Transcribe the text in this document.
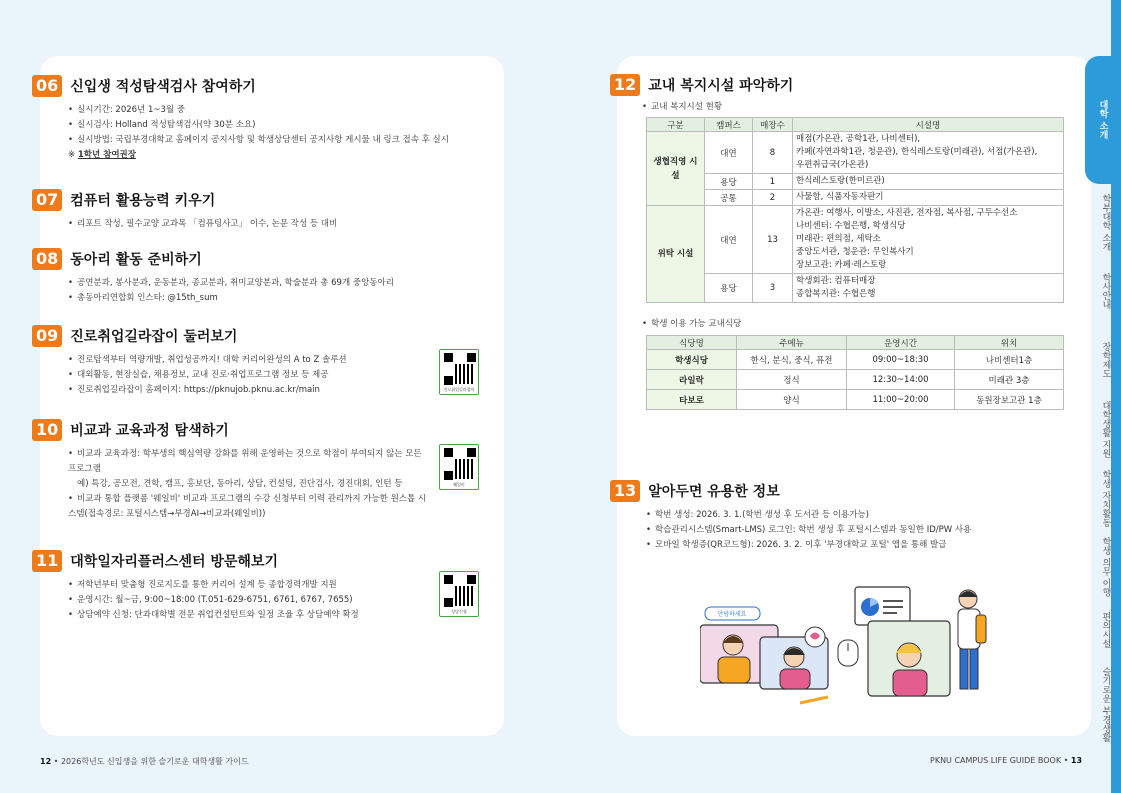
06 신입생 적성탐색검사 참여하기
• 실시기간: 2026년 1~3월 중
• 실시검사: Holland 적성탐색검사(약 30분 소요)
• 실시방법: 국립부경대학교 홈페이지 공지사항 및 학생상담센터 공지사항 게시물 내 링크 접속 후 실시
※ 1학년 참여권장
07 컴퓨터 활용능력 키우기
• 리포트 작성, 필수교양 교과목 「컴퓨팅사고」 이수, 논문 작성 등 대비
08 동아리 활동 준비하기
• 공연분과, 봉사분과, 운동분과, 종교분과, 취미교양분과, 학술분과 총 69개 중앙동아리
• 총동아리연합회 인스타: @15th_sum
09 진로취업길라잡이 둘러보기
• 진로탐색부터 역량개발, 취업성공까지! 대학 커리어완성의 A to Z 솔루션
• 대외활동, 현장실습, 채용정보, 교내 진로·취업프로그램 정보 등 제공
• 진로취업길라잡이 홈페이지: https://pknujob.pknu.ac.kr/main	진로취업길라잡이
10 비교과 교육과정 탐색하기
• 비교과 교육과정: 학부생의 핵심역량 강화를 위해 운영하는 것으로 학점이 부여되지 않는 모든 프로그램
예) 특강, 공모전, 견학, 캠프, 홍보단, 동아리, 상담, 컨설팅, 진단검사, 경진대회, 인턴 등
• 비교과 통합 플랫폼 '웨일비' 비교과 프로그램의 수강 신청부터 이력 관리까지 가능한 원스톱 시스템(접속경로: 포털시스템→부경AI→비교과(웨일비))
웨일비
11 대학일자리플러스센터 방문해보기
• 저학년부터 맞춤형 진로지도를 통한 커리어 설계 등 종합경력개발 지원
• 운영시간: 월~금, 9:00~18:00 (T.051-629-6751, 6761, 6767, 7655)
• 상담예약 신청: 단과대학별 전문 취업컨설턴트와 일정 조율 후 상담예약 확정	상담신청
12 교내 복지시설 파악하기
• 교내 복지시설 현황
구분	캠퍼스	매장수	시설명
생협직영 시설	대연	8	매점(가온관, 공학1관, 나비센터),
카페(자연과학1관, 청운관), 한식레스토랑(미래관), 서점(가온관),
우편취급국(가온관)

	용당	1	한식레스토랑(한미르관)

	공통	2	사물함, 식품자동자판기

위탁 시설	대연	13	가온관: 여행사, 이발소, 사진관, 전자점, 복사점, 구두수선소
나비센터: 수협은행, 학생식당
미래관: 편의점, 세탁소
중앙도서관, 청운관: 무인복사기
장보고관: 카페·레스토랑

	용당	3	학생회관: 컴퓨터매장
종합복지관: 수협은행
• 학생 이용 가능 교내식당
식당명	주메뉴	운영시간	위치
학생식당	한식, 분식, 중식, 퓨전	09:00~18:30	나비센터1층
라일락	정식	12:30~14:00	미래관 3층
타보로	양식	11:00~20:00	동원장보고관 1층
13 알아두면 유용한 정보
• 학번 생성: 2026. 3. 1.(학번 생성 후 도서관 등 이용가능)
• 학습관리시스템(Smart-LMS) 로그인: 학번 생성 후 포털시스템과 동일한 ID/PW 사용
• 모바일 학생증(QR코드형): 2026. 3. 2. 이후 '부경대학교 포털' 앱을 통해 발급
안녕하세요
대학 소개
학부대학 소개
학사안내
장학제도
대학생활 지원
학생 자치활동
학생 의무 이행
편의시설
슬기로운 부경생활
12 • 2026학년도 신입생을 위한 슬기로운 대학생활 가이드	PKNU CAMPUS LIFE GUIDE BOOK • 13
